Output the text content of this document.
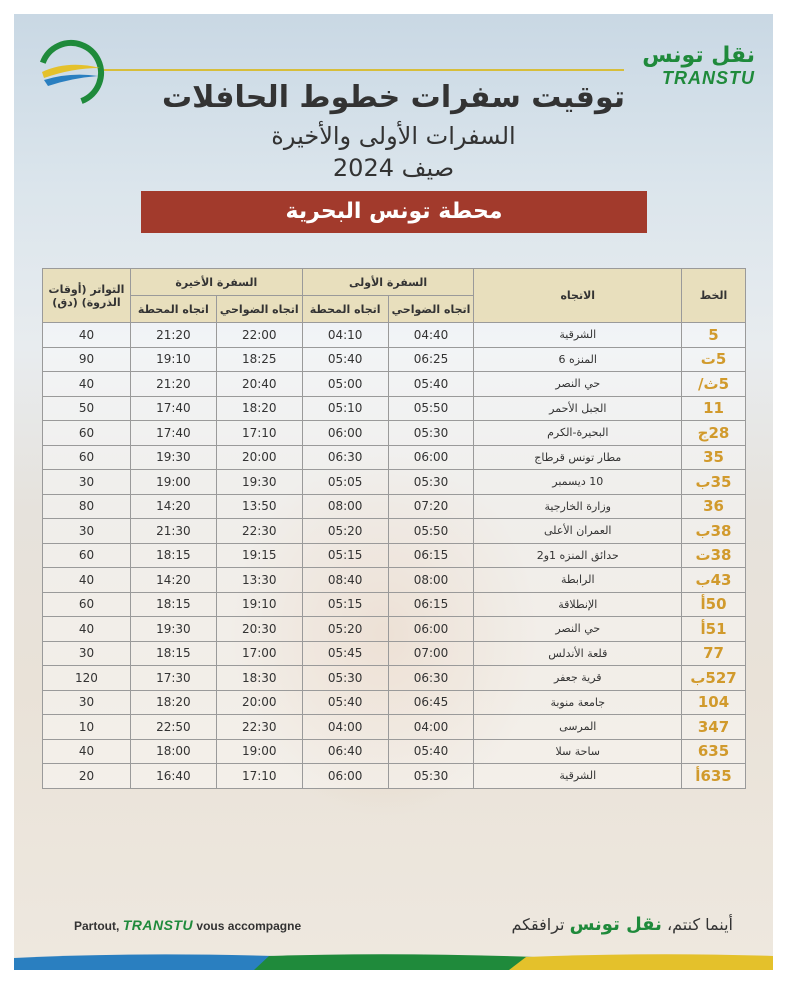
نقل تونس
TRANSTU
توقيت سفرات خطوط الحافلات
السفرات الأولى والأخيرة
صيف 2024
محطة تونس البحرية
الخط	الاتجاه	السفرة الأولى		السفرة الأخيرة		التواتر (أوقات الذروة) (دق)
		اتجاه الضواحي	اتجاه المحطة	اتجاه الضواحي	اتجاه المحطة	
5	الشرقية	04:40	04:10	22:00	21:20	40
5ت	المنزه 6	06:25	05:40	18:25	19:10	90
5ث/	حي النصر	05:40	05:00	20:40	21:20	40
11	الجبل الأحمر	05:50	05:10	18:20	17:40	50
28ج	البحيرة-الكرم	05:30	06:00	17:10	17:40	60
35	مطار تونس قرطاج	06:00	06:30	20:00	19:30	60
35ب	10 ديسمبر	05:30	05:05	19:30	19:00	30
36	وزارة الخارجية	07:20	08:00	13:50	14:20	80
38ب	العمران الأعلى	05:50	05:20	22:30	21:30	30
38ت	حدائق المنزه 1و2	06:15	05:15	19:15	18:15	60
43ب	الرابطة	08:00	08:40	13:30	14:20	40
50أ	الإنطلاقة	06:15	05:15	19:10	18:15	60
51أ	حي النصر	06:00	05:20	20:30	19:30	40
77	قلعة الأندلس	07:00	05:45	17:00	18:15	30
527ب	قرية جعفر	06:30	05:30	18:30	17:30	120
104	جامعة منوبة	06:45	05:40	20:00	18:20	30
347	المرسى	04:00	04:00	22:30	22:50	10
635	ساحة سلا	05:40	06:40	19:00	18:00	40
635أ	الشرقية	05:30	06:00	17:10	16:40	20
Partout, TRANSTU vous accompagne	أينما كنتم، نقل تونس ترافقكم
